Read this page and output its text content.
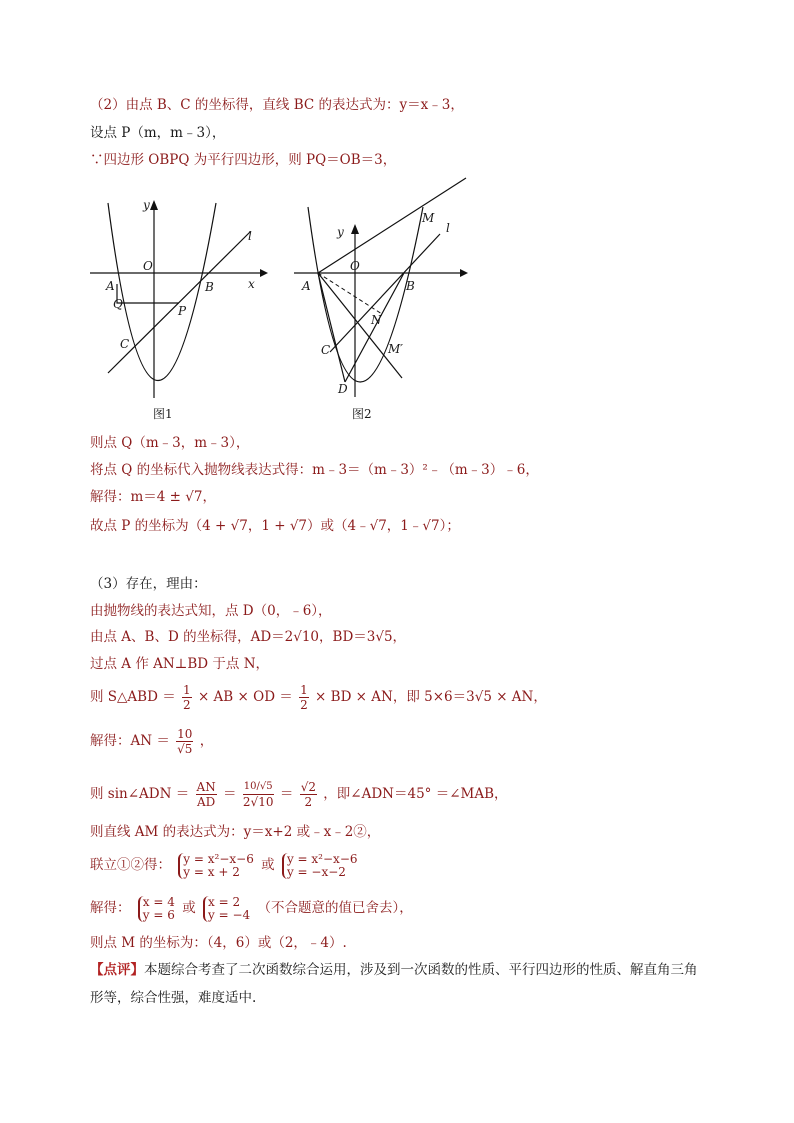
（2）由点 B、C 的坐标得，直线 BC 的表达式为：y＝x﹣3，
设点 P（m，m﹣3），
∵四边形 OBPQ 为平行四边形，则 PQ＝OB＝3，
y
x
O
A	B
Q	P
C
l
图1
y
O
A	B
M
l
N
M′
C
D
图2
则点 Q（m﹣3，m﹣3），
将点 Q 的坐标代入抛物线表达式得：m﹣3＝（m﹣3）²﹣（m﹣3）﹣6，
解得：m＝4 ± √7，
故点 P 的坐标为（4 + √7，1 + √7）或（4﹣√7，1﹣√7）；
（3）存在，理由：
由抛物线的表达式知，点 D（0，﹣6），
由点 A、B、D 的坐标得，AD＝2√10，BD＝3√5，
过点 A 作 AN⊥BD 于点 N，
则 S△ABD ＝ $\frac{1}{2}$ × AB × OD ＝ $\frac{1}{2}$ × BD × AN，即 5×6＝3√5 × AN，
解得：AN ＝ $\frac{10}{√5}$ ，
则 sin∠ADN ＝ $\frac{AN}{AD} = \frac{10/√5}{2√10} = \frac{√2}{2}$ ，即∠ADN＝45° ＝∠MAB，
则直线 AM 的表达式为：y＝x+2 或﹣x﹣2②，
联立①②得： y = x²−x−6
y = x + 2 或 y = x²−x−6
y = −x−2
解得： x = 4
y = 6 或 x = 2
y = −4 （不合题意的值已舍去），
则点 M 的坐标为：（4，6）或（2，﹣4）.
【点评】本题综合考查了二次函数综合运用，涉及到一次函数的性质、平行四边形的性质、解直角三角
形等，综合性强，难度适中.
